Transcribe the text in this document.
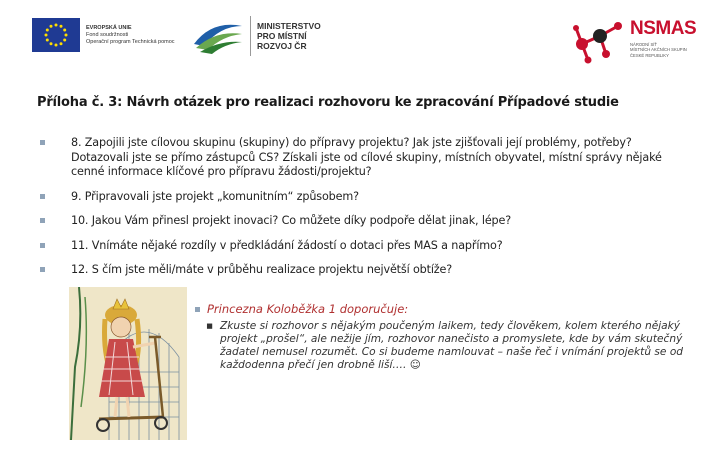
EVROPSKÁ UNIE
Fond soudržnosti
Operační program Technická pomoc
MINISTERSTVO
PRO MÍSTNÍ
ROZVOJ ČR
NSMAS
NÁRODNÍ SÍŤ
MÍSTNÍCH AKČNÍCH SKUPIN
ČESKÉ REPUBLIKY
Příloha č. 3: Návrh otázek pro realizaci rozhovoru ke zpracování Případové studie
8. Zapojili jste cílovou skupinu (skupiny) do přípravy projektu? Jak jste zjišťovali její problémy, potřeby? Dotazovali jste se přímo zástupců CS? Získali jste od cílové skupiny, místních obyvatel, místní správy nějaké cenné informace klíčové pro přípravu žádosti/projektu?
9. Připravovali jste projekt „komunitním“ způsobem?
10. Jakou Vám přinesl projekt inovaci? Co můžete díky podpoře dělat jinak, lépe?
11. Vnímáte nějaké rozdíly v předkládání žádostí o dotaci přes MAS a napřímo?
12. S čím jste měli/máte v průběhu realizace projektu největší obtíže?
Princezna Koloběžka 1 doporučuje:
▪ Zkuste si rozhovor s nějakým poučeným laikem, tedy člověkem, kolem kterého nějaký projekt „prošel“, ale nežije jím, rozhovor nanečisto a promyslete, kde by vám skutečný žadatel nemusel rozumět. Co si budeme namlouvat – naše řeč i vnímání projektů se od každodenna přečí jen drobně liší…. ☺
